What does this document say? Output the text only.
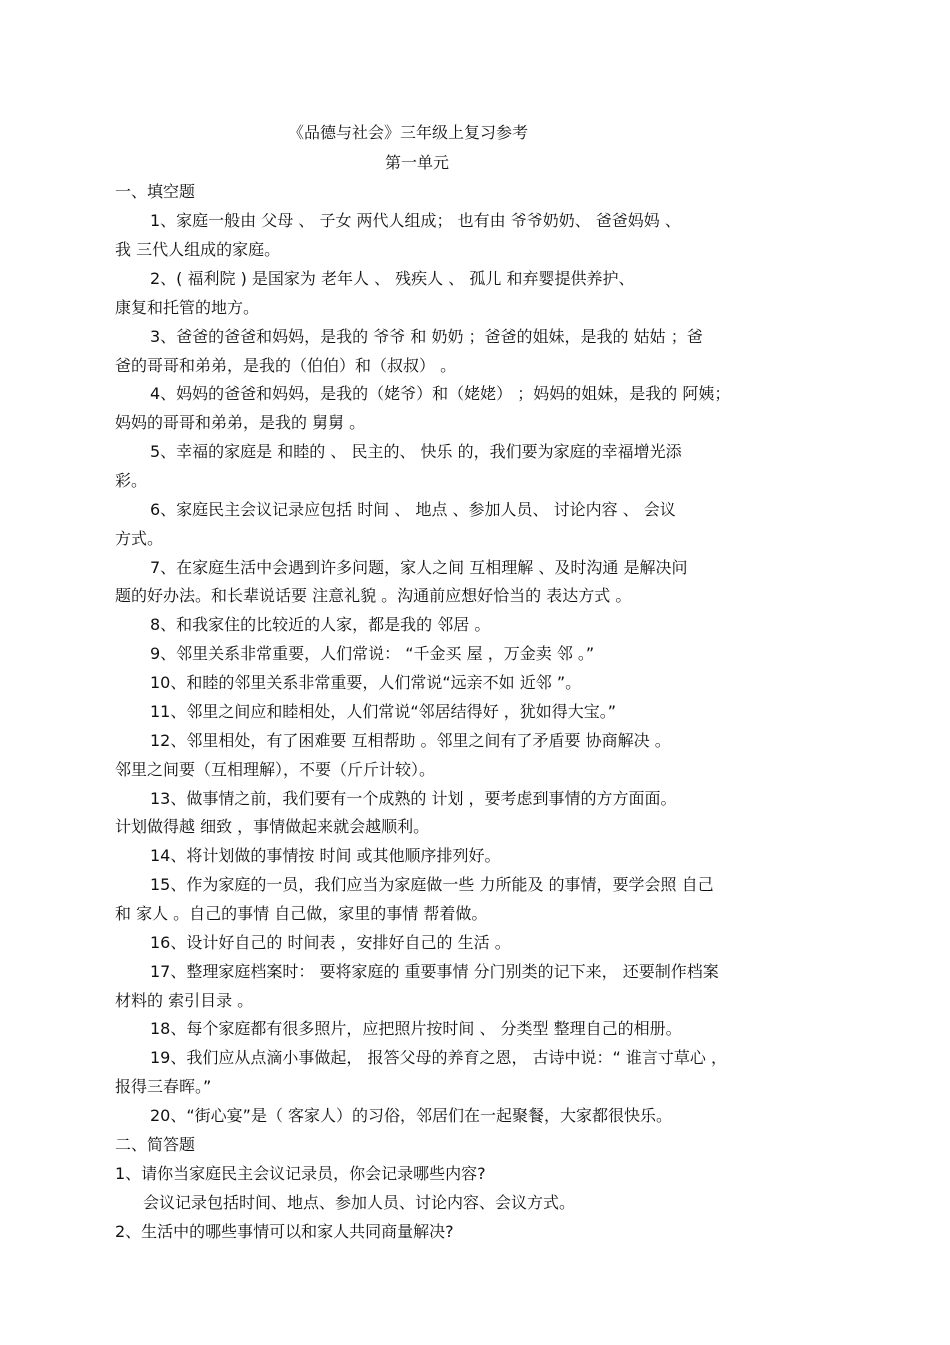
《品德与社会》三年级上复习参考
第一单元
一、填空题
1、家庭一般由 父母 、 子女 两代人组成； 也有由 爷爷奶奶、 爸爸妈妈 、
我 三代人组成的家庭。
2、( 福利院 ) 是国家为 老年人 、 残疾人 、 孤儿 和弃婴提供养护、
康复和托管的地方。
3、爸爸的爸爸和妈妈，是我的 爷爷 和 奶奶 ；爸爸的姐妹，是我的 姑姑 ；爸
爸的哥哥和弟弟，是我的（伯伯）和（叔叔） 。
4、妈妈的爸爸和妈妈，是我的（姥爷）和（姥姥） ；妈妈的姐妹，是我的 阿姨；
妈妈的哥哥和弟弟，是我的 舅舅 。
5、幸福的家庭是 和睦的 、 民主的、 快乐 的，我们要为家庭的幸福增光添
彩。
6、家庭民主会议记录应包括 时间 、 地点 、参加人员、 讨论内容 、 会议
方式。
7、在家庭生活中会遇到许多问题，家人之间 互相理解 、及时沟通 是解决问
题的好办法。和长辈说话要 注意礼貌 。沟通前应想好恰当的 表达方式 。
8、和我家住的比较近的人家，都是我的 邻居 。
9、邻里关系非常重要，人们常说： “千金买 屋 ，万金卖 邻 。”
10、和睦的邻里关系非常重要，人们常说“远亲不如 近邻 ”。
11、邻里之间应和睦相处，人们常说“邻居结得好 ，犹如得大宝。”
12、邻里相处，有了困难要 互相帮助 。邻里之间有了矛盾要 协商解决 。
邻里之间要（互相理解），不要（斤斤计较）。
13、做事情之前，我们要有一个成熟的 计划 ，要考虑到事情的方方面面。
计划做得越 细致 ，事情做起来就会越顺利。
14、将计划做的事情按 时间 或其他顺序排列好。
15、作为家庭的一员，我们应当为家庭做一些 力所能及 的事情，要学会照 自己
和 家人 。自己的事情 自己做，家里的事情 帮着做。
16、设计好自己的 时间表 ，安排好自己的 生活 。
17、整理家庭档案时： 要将家庭的 重要事情 分门别类的记下来， 还要制作档案
材料的 索引目录 。
18、每个家庭都有很多照片，应把照片按时间 、 分类型 整理自己的相册。
19、我们应从点滴小事做起， 报答父母的养育之恩， 古诗中说：“ 谁言寸草心 ，
报得三春晖。”
20、“街心宴”是（ 客家人）的习俗，邻居们在一起聚餐，大家都很快乐。
二、简答题
1、请你当家庭民主会议记录员，你会记录哪些内容?
会议记录包括时间、地点、参加人员、讨论内容、会议方式。
2、生活中的哪些事情可以和家人共同商量解决?
